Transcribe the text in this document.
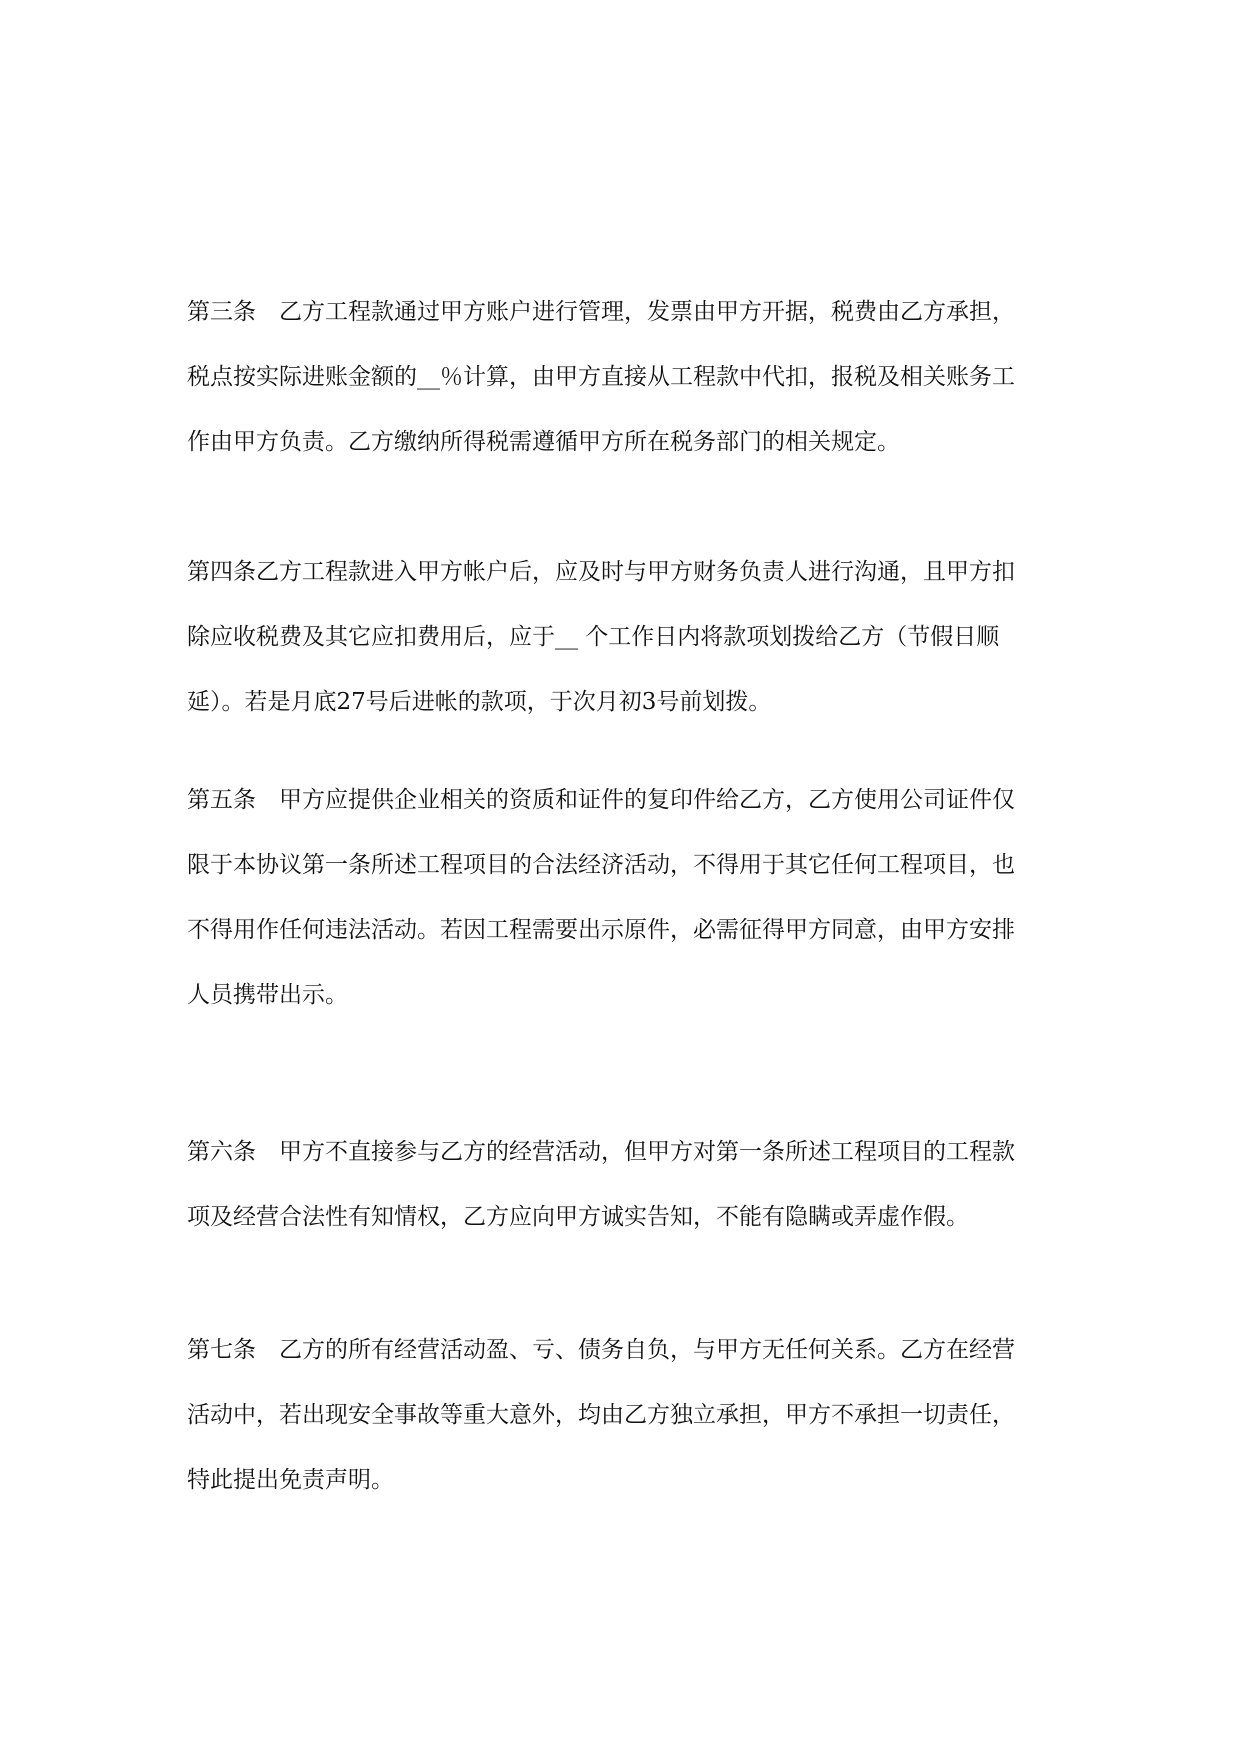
第三条　乙方工程款通过甲方账户进行管理，发票由甲方开据，税费由乙方承担，
税点按实际进账金额的__％计算，由甲方直接从工程款中代扣，报税及相关账务工
作由甲方负责。乙方缴纳所得税需遵循甲方所在税务部门的相关规定。

第四条乙方工程款进入甲方帐户后，应及时与甲方财务负责人进行沟通，且甲方扣
除应收税费及其它应扣费用后，应于__ 个工作日内将款项划拨给乙方（节假日顺
延）。若是月底27号后进帐的款项，于次月初3号前划拨。

第五条　甲方应提供企业相关的资质和证件的复印件给乙方，乙方使用公司证件仅
限于本协议第一条所述工程项目的合法经济活动，不得用于其它任何工程项目，也
不得用作任何违法活动。若因工程需要出示原件，必需征得甲方同意，由甲方安排
人员携带出示。

第六条　甲方不直接参与乙方的经营活动，但甲方对第一条所述工程项目的工程款
项及经营合法性有知情权，乙方应向甲方诚实告知，不能有隐瞒或弄虚作假。

第七条　乙方的所有经营活动盈、亏、债务自负，与甲方无任何关系。乙方在经营
活动中，若出现安全事故等重大意外，均由乙方独立承担，甲方不承担一切责任，
特此提出免责声明。
